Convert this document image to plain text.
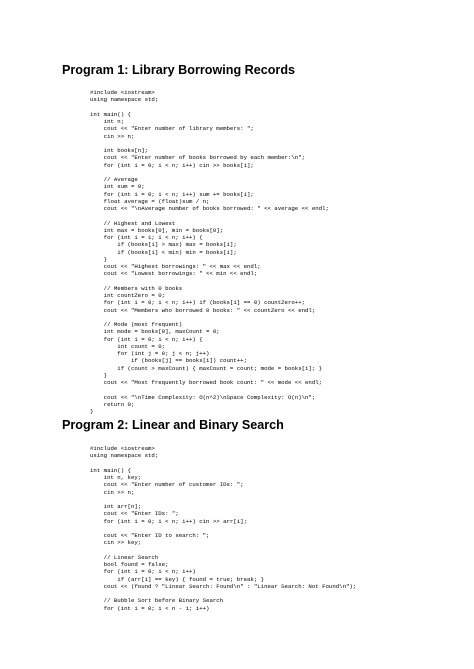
Program 1: Library Borrowing Records
#include <iostream>
using namespace std;
int main() {
int n;
cout << "Enter number of library members: ";
cin >> n;
int books[n];
cout << "Enter number of books borrowed by each member:\n";
for (int i = 0; i < n; i++) cin >> books[i];
// Average
int sum = 0;
for (int i = 0; i < n; i++) sum += books[i];
float average = (float)sum / n;
cout << "\nAverage number of books borrowed: " << average << endl;
// Highest and Lowest
int max = books[0], min = books[0];
for (int i = 1; i < n; i++) {
if (books[i] > max) max = books[i];
if (books[i] < min) min = books[i];
}
cout << "Highest borrowings: " << max << endl;
cout << "Lowest borrowings: " << min << endl;
// Members with 0 books
int countZero = 0;
for (int i = 0; i < n; i++) if (books[i] == 0) countZero++;
cout << "Members who borrowed 0 books: " << countZero << endl;
// Mode (most frequent)
int mode = books[0], maxCount = 0;
for (int i = 0; i < n; i++) {
int count = 0;
for (int j = 0; j < n; j++)
if (books[j] == books[i]) count++;
if (count > maxCount) { maxCount = count; mode = books[i]; }
}
cout << "Most frequently borrowed book count: " << mode << endl;
cout << "\nTime Complexity: O(n^2)\nSpace Complexity: O(n)\n";
return 0;
}
Program 2: Linear and Binary Search
#include <iostream>
using namespace std;
int main() {
int n, key;
cout << "Enter number of customer IDs: ";
cin >> n;
int arr[n];
cout << "Enter IDs: ";
for (int i = 0; i < n; i++) cin >> arr[i];
cout << "Enter ID to search: ";
cin >> key;
// Linear Search
bool found = false;
for (int i = 0; i < n; i++)
if (arr[i] == key) { found = true; break; }
cout << (found ? "Linear Search: Found\n" : "Linear Search: Not Found\n");
// Bubble Sort before Binary Search
for (int i = 0; i < n - 1; i++)
